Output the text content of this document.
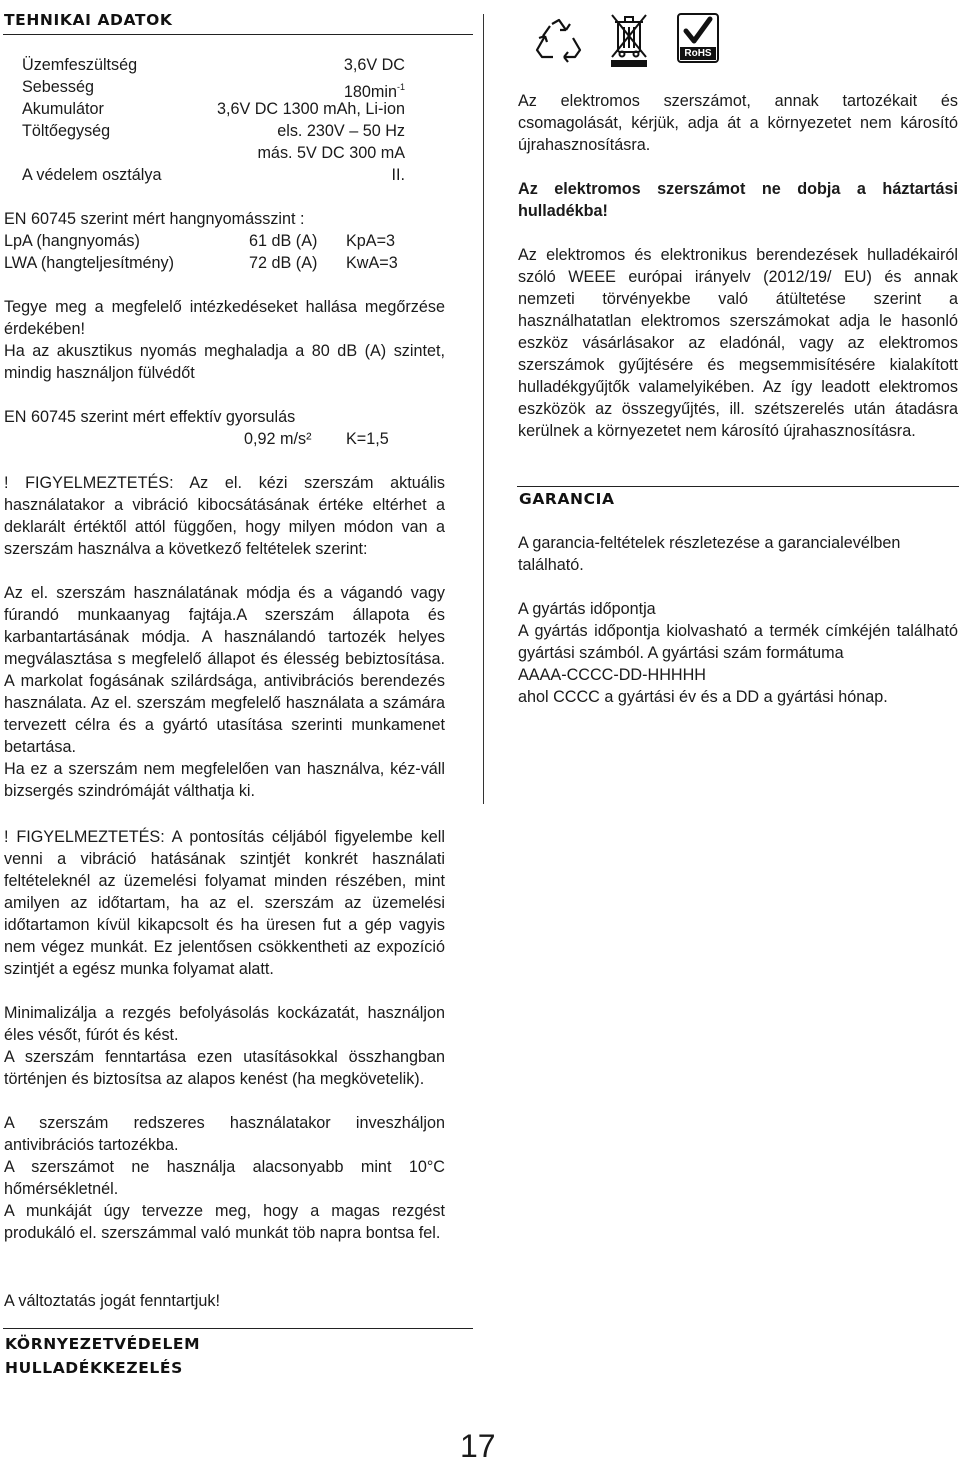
TEHNIKAI ADATOK
Üzemfeszültség	3,6V DC
Sebesség	$180\min^{-1}$
Akumulátor	3,6V DC 1300 mAh, Li-ion
Töltőegység	els. 230V – 50 Hz
más. 5V DC 300 mA
A védelem osztálya	II.
EN 60745 szerint mért hangnyomásszint :
LpA (hangnyomás)	61 dB (A) KpA=3
LWA (hangteljesítmény)	72 dB (A) KwA=3
Tegye meg a megfelelő intézkedéseket hallása megőrzése érdekében!
Ha az akusztikus nyomás meghaladja a 80 dB (A) szintet, mindig használjon fülvédőt
EN 60745 szerint mért effektív gyorsulás
0,92 m/s² K=1,5
! FIGYELMEZTETÉS: Az el. kézi szerszám aktuális használatakor a vibráció kibocsátásának értéke eltérhet a deklarált értéktől attól függően, hogy milyen módon van a szerszám használva a következő feltételek szerint:
Az el. szerszám használatának módja és a vágandó vagy fúrandó munkaanyag fajtája.A szerszám állapota és karbantartásának módja. A használandó tartozék helyes megválasztása s megfelelő állapot és élesség bebiztosítása. A markolat fogásának szilárdsága, antivibrációs berendezés használata. Az el. szerszám megfelelő használata a számára tervezett célra és a gyártó utasítása szerinti munkamenet betartása.
Ha ez a szerszám nem megfelelően van használva, kéz-váll bizsergés szindrómáját válthatja ki.
! FIGYELMEZTETÉS: A pontosítás céljából figyelembe kell venni a vibráció hatásának szintjét konkrét használati feltételeknél az üzemelési folyamat minden részében, mint amilyen az időtartam, ha az el. szerszám az üzemelési időtartamon kívül kikapcsolt és ha üresen fut a gép vagyis nem végez munkát. Ez jelentősen csökkentheti az expozíció szintjét a egész munka folyamat alatt.
Minimalizálja a rezgés befolyásolás kockázatát, használjon éles vésőt, fúrót és kést.
A szerszám fenntartása ezen utasításokkal összhangban történjen és biztosítsa az alapos kenést (ha megkövetelik).
A szerszám redszeres használatakor inveszháljon antivibrációs tartozékba.
A szerszámot ne használja alacsonyabb mint 10°C hőmérsékletnél.
A munkáját úgy tervezze meg, hogy a magas rezgést produkáló el. szerszámmal való munkát töb napra bontsa fel.
A változtatás jogát fenntartjuk!
KÖRNYEZETVÉDELEM
HULLADÉKKEZELÉS
RoHS
Az elektromos szerszámot, annak tartozékait és csomagolását, kérjük, adja át a környezetet nem károsító újrahasznosításra.
Az elektromos szerszámot ne dobja a háztartási hulladékba!
Az elektromos és elektronikus berendezések hulladékairól szóló WEEE európai irányelv (2012/19/ EU) és annak nemzeti törvényekbe való átültetése szerint a használhatatlan elektromos szerszámokat adja le hasonló eszköz vásárlásakor az eladónál, vagy az elektromos szerszámok gyűjtésére és megsemmisítésére kialakított hulladékgyűjtők valamelyikében. Az így leadott elektromos eszközök az összegyűjtés, ill. szétszerelés után átadásra kerülnek a környezetet nem károsító újrahasznosításra.
GARANCIA
A garancia-feltételek részletezése a garancialevélben található.
A gyártás időpontja
A gyártás időpontja kiolvasható a termék címkéjén található gyártási számból. A gyártási szám formátuma
AAAA-CCCC-DD-HHHHH
ahol CCCC a gyártási év és a DD a gyártási hónap.
17
